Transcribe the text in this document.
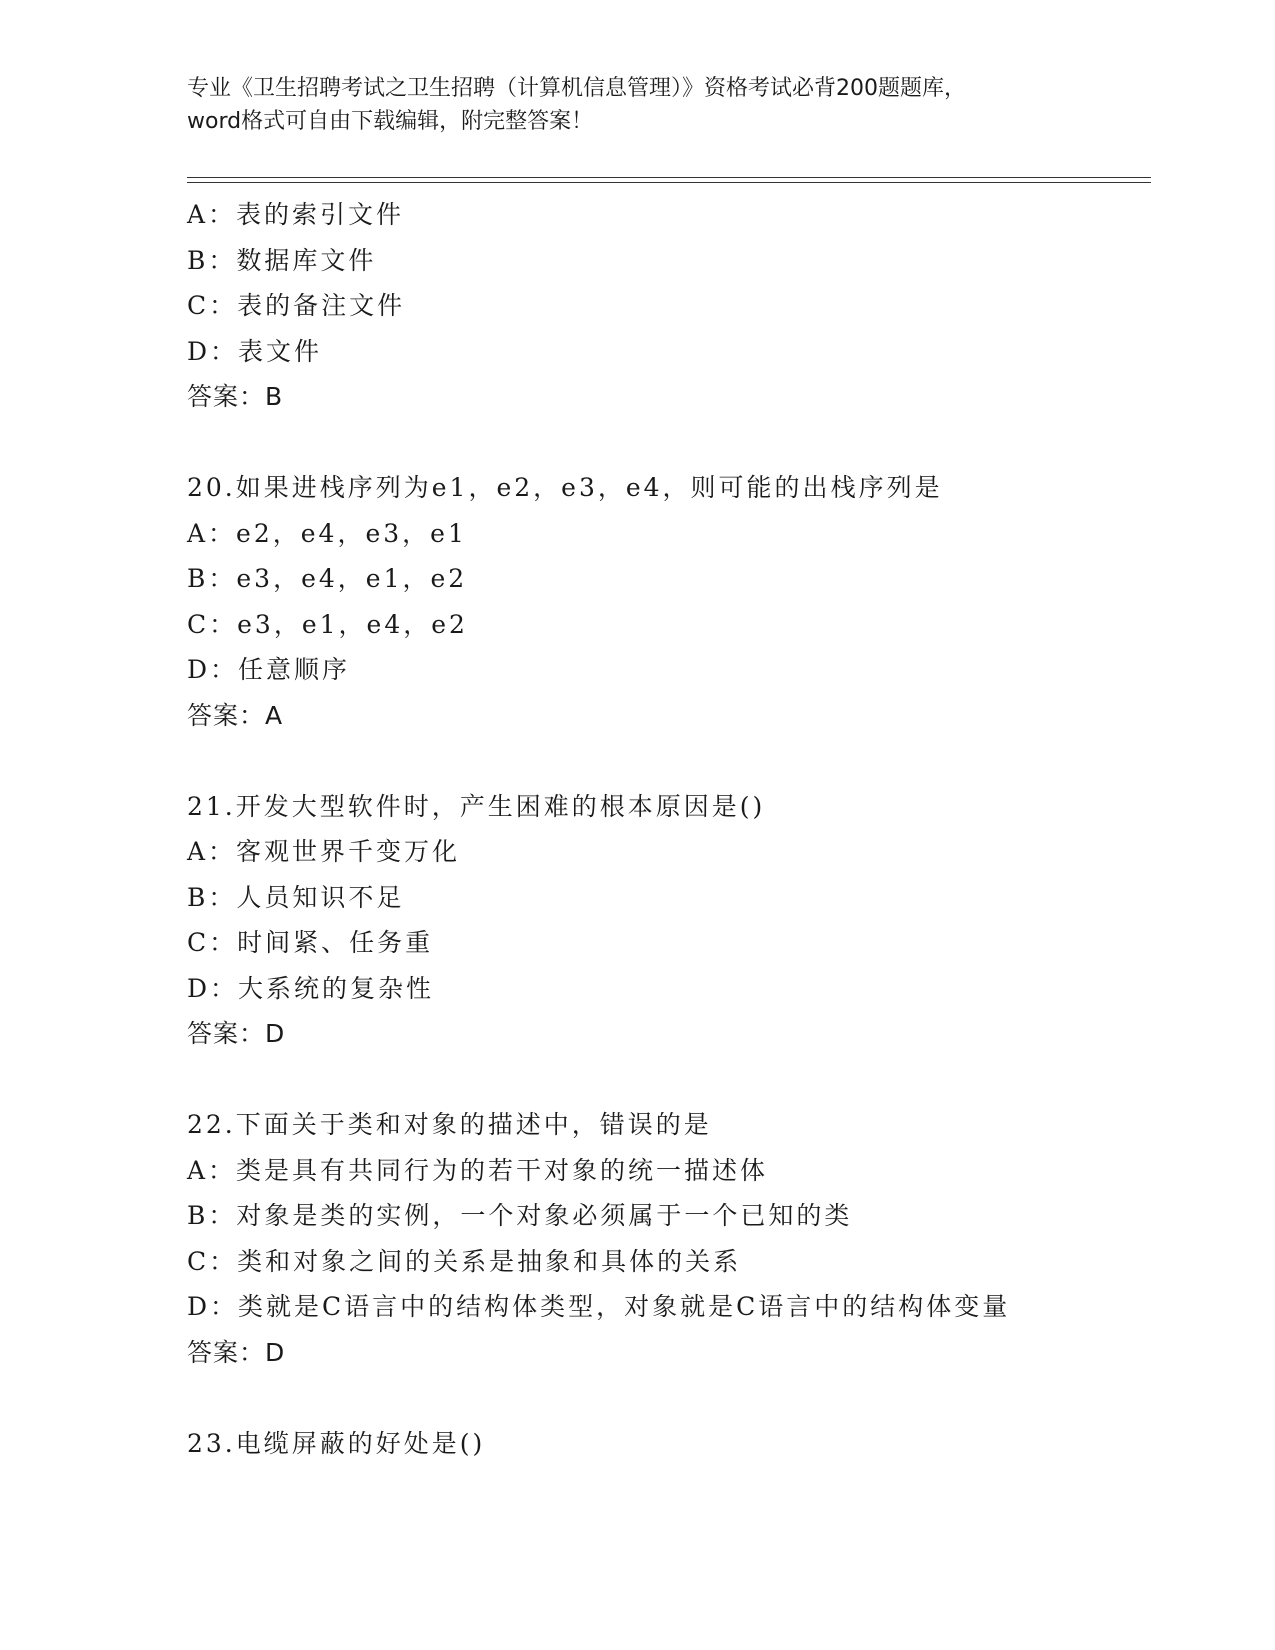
专业《卫生招聘考试之卫生招聘（计算机信息管理）》资格考试必背200题题库，
word格式可自由下载编辑，附完整答案！
A：表的索引文件
B：数据库文件
C：表的备注文件
D：表文件
答案：B
20.如果进栈序列为e1，e2，e3，e4，则可能的出栈序列是
A：e2，e4，e3，e1
B：e3，e4，e1，e2
C：e3，e1，e4，e2
D：任意顺序
答案：A
21.开发大型软件时，产生困难的根本原因是()
A：客观世界千变万化
B：人员知识不足
C：时间紧、任务重
D：大系统的复杂性
答案：D
22.下面关于类和对象的描述中，错误的是
A：类是具有共同行为的若干对象的统一描述体
B：对象是类的实例，一个对象必须属于一个已知的类
C：类和对象之间的关系是抽象和具体的关系
D：类就是C语言中的结构体类型，对象就是C语言中的结构体变量
答案：D
23.电缆屏蔽的好处是()
